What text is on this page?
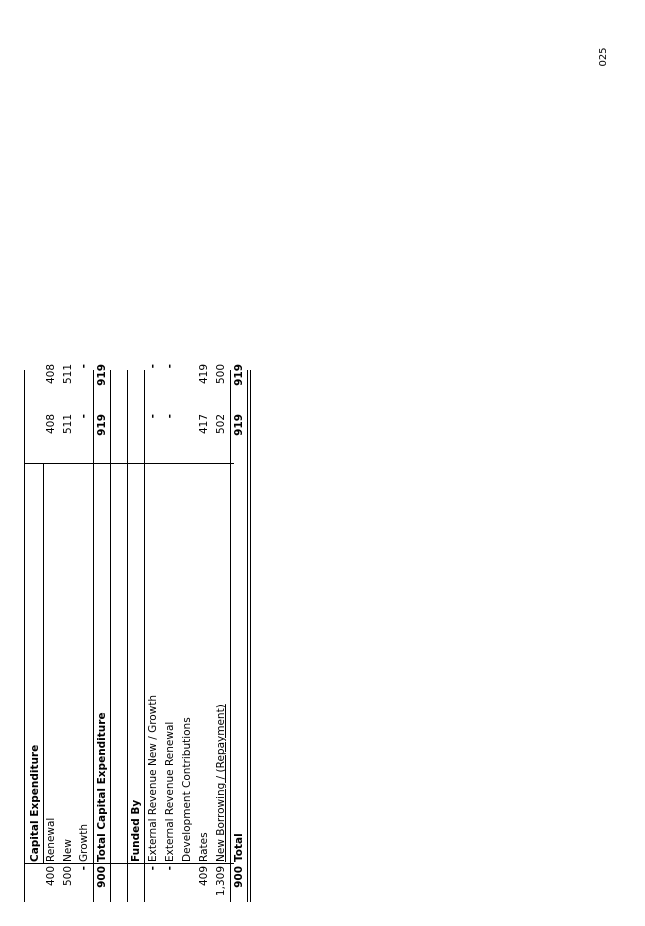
025
Capital Expenditure
400
Renewal
408
408
500
New
511
511
-
Growth
-
-
900
Total Capital Expenditure
919
919
Funded By
-
External Revenue New / Growth
-
-
-
External Revenue Renewal
-
-
Development Contributions
409
Rates
417
419
1,309
New Borrowing / (Repayment)
502
500
900
Total
919
919
